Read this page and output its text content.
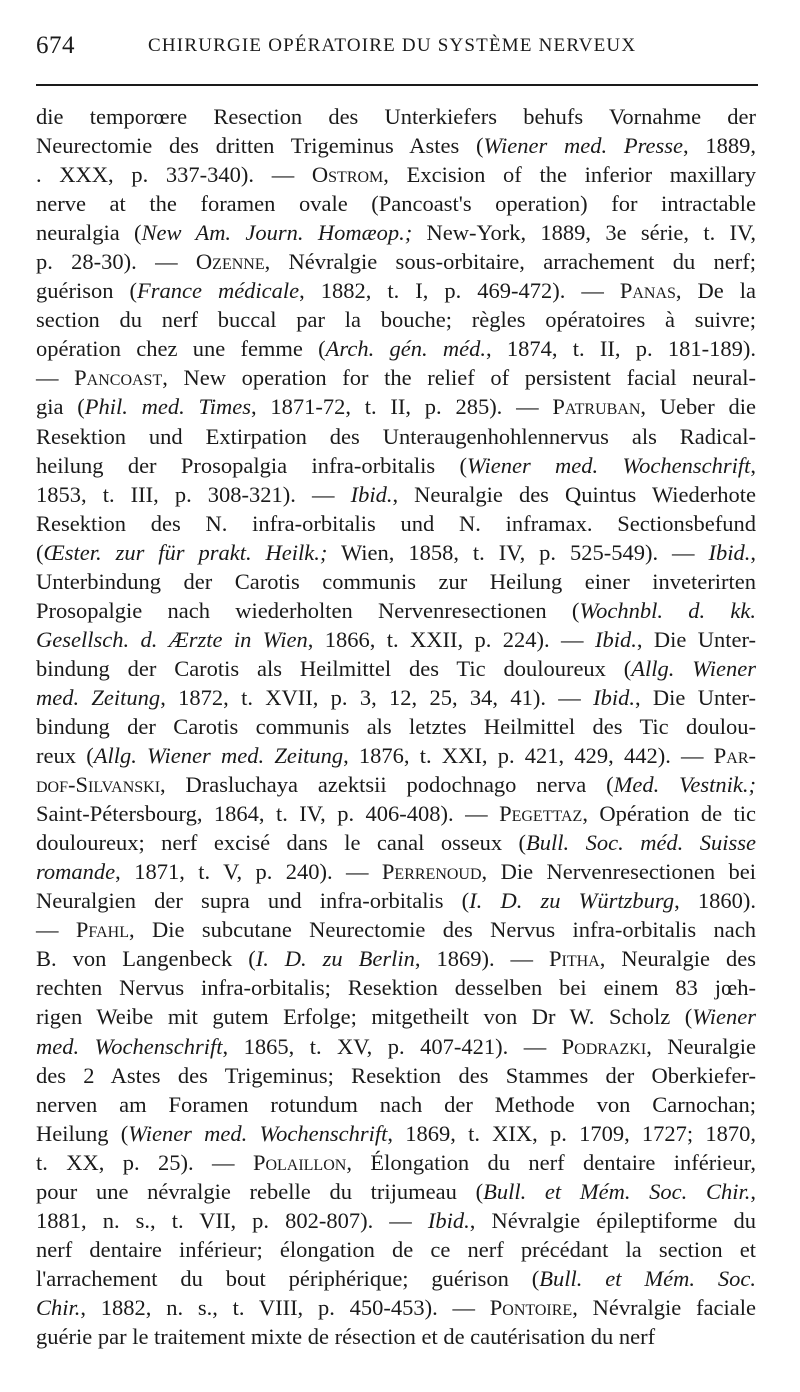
674	CHIRURGIE OPÉRATOIRE DU SYSTÈME NERVEUX
die temporœre Resection des Unterkiefers behufs Vornahme der
Neurectomie des dritten Trigeminus Astes (Wiener med. Presse, 1889,
. XXX, p. 337-340). — Ostrom, Excision of the inferior maxillary
nerve at the foramen ovale (Pancoast's operation) for intractable
neuralgia (New Am. Journ. Homæop.; New-York, 1889, 3e série, t. IV,
p. 28-30). — Ozenne, Névralgie sous-orbitaire, arrachement du nerf;
guérison (France médicale, 1882, t. I, p. 469-472). — Panas, De la
section du nerf buccal par la bouche; règles opératoires à suivre;
opération chez une femme (Arch. gén. méd., 1874, t. II, p. 181-189).
— Pancoast, New operation for the relief of persistent facial neural-
gia (Phil. med. Times, 1871-72, t. II, p. 285). — Patruban, Ueber die
Resektion und Extirpation des Unteraugenhohlennervus als Radical-
heilung der Prosopalgia infra-orbitalis (Wiener med. Wochenschrift,
1853, t. III, p. 308-321). — Ibid., Neuralgie des Quintus Wiederhote
Resektion des N. infra-orbitalis und N. inframax. Sectionsbefund
(Œster. zur für prakt. Heilk.; Wien, 1858, t. IV, p. 525-549). — Ibid.,
Unterbindung der Carotis communis zur Heilung einer inveterirten
Prosopalgie nach wiederholten Nervenresectionen (Wochnbl. d. kk.
Gesellsch. d. Ærzte in Wien, 1866, t. XXII, p. 224). — Ibid., Die Unter-
bindung der Carotis als Heilmittel des Tic douloureux (Allg. Wiener
med. Zeitung, 1872, t. XVII, p. 3, 12, 25, 34, 41). — Ibid., Die Unter-
bindung der Carotis communis als letztes Heilmittel des Tic doulou-
reux (Allg. Wiener med. Zeitung, 1876, t. XXI, p. 421, 429, 442). — Par-
dof-Silvanski, Drasluchaya azektsii podochnago nerva (Med. Vestnik.;
Saint-Pétersbourg, 1864, t. IV, p. 406-408). — Pegettaz, Opération de tic
douloureux; nerf excisé dans le canal osseux (Bull. Soc. méd. Suisse
romande, 1871, t. V, p. 240). — Perrenoud, Die Nervenresectionen bei
Neuralgien der supra und infra-orbitalis (I. D. zu Würtzburg, 1860).
— Pfahl, Die subcutane Neurectomie des Nervus infra-orbitalis nach
B. von Langenbeck (I. D. zu Berlin, 1869). — Pitha, Neuralgie des
rechten Nervus infra-orbitalis; Resektion desselben bei einem 83 jœh-
rigen Weibe mit gutem Erfolge; mitgetheilt von Dr W. Scholz (Wiener
med. Wochenschrift, 1865, t. XV, p. 407-421). — Podrazki, Neuralgie
des 2 Astes des Trigeminus; Resektion des Stammes der Oberkiefer-
nerven am Foramen rotundum nach der Methode von Carnochan;
Heilung (Wiener med. Wochenschrift, 1869, t. XIX, p. 1709, 1727; 1870,
t. XX, p. 25). — Polaillon, Élongation du nerf dentaire inférieur,
pour une névralgie rebelle du trijumeau (Bull. et Mém. Soc. Chir.,
1881, n. s., t. VII, p. 802-807). — Ibid., Névralgie épileptiforme du
nerf dentaire inférieur; élongation de ce nerf précédant la section et
l'arrachement du bout périphérique; guérison (Bull. et Mém. Soc.
Chir., 1882, n. s., t. VIII, p. 450-453). — Pontoire, Névralgie faciale
guérie par le traitement mixte de résection et de cautérisation du nerf
